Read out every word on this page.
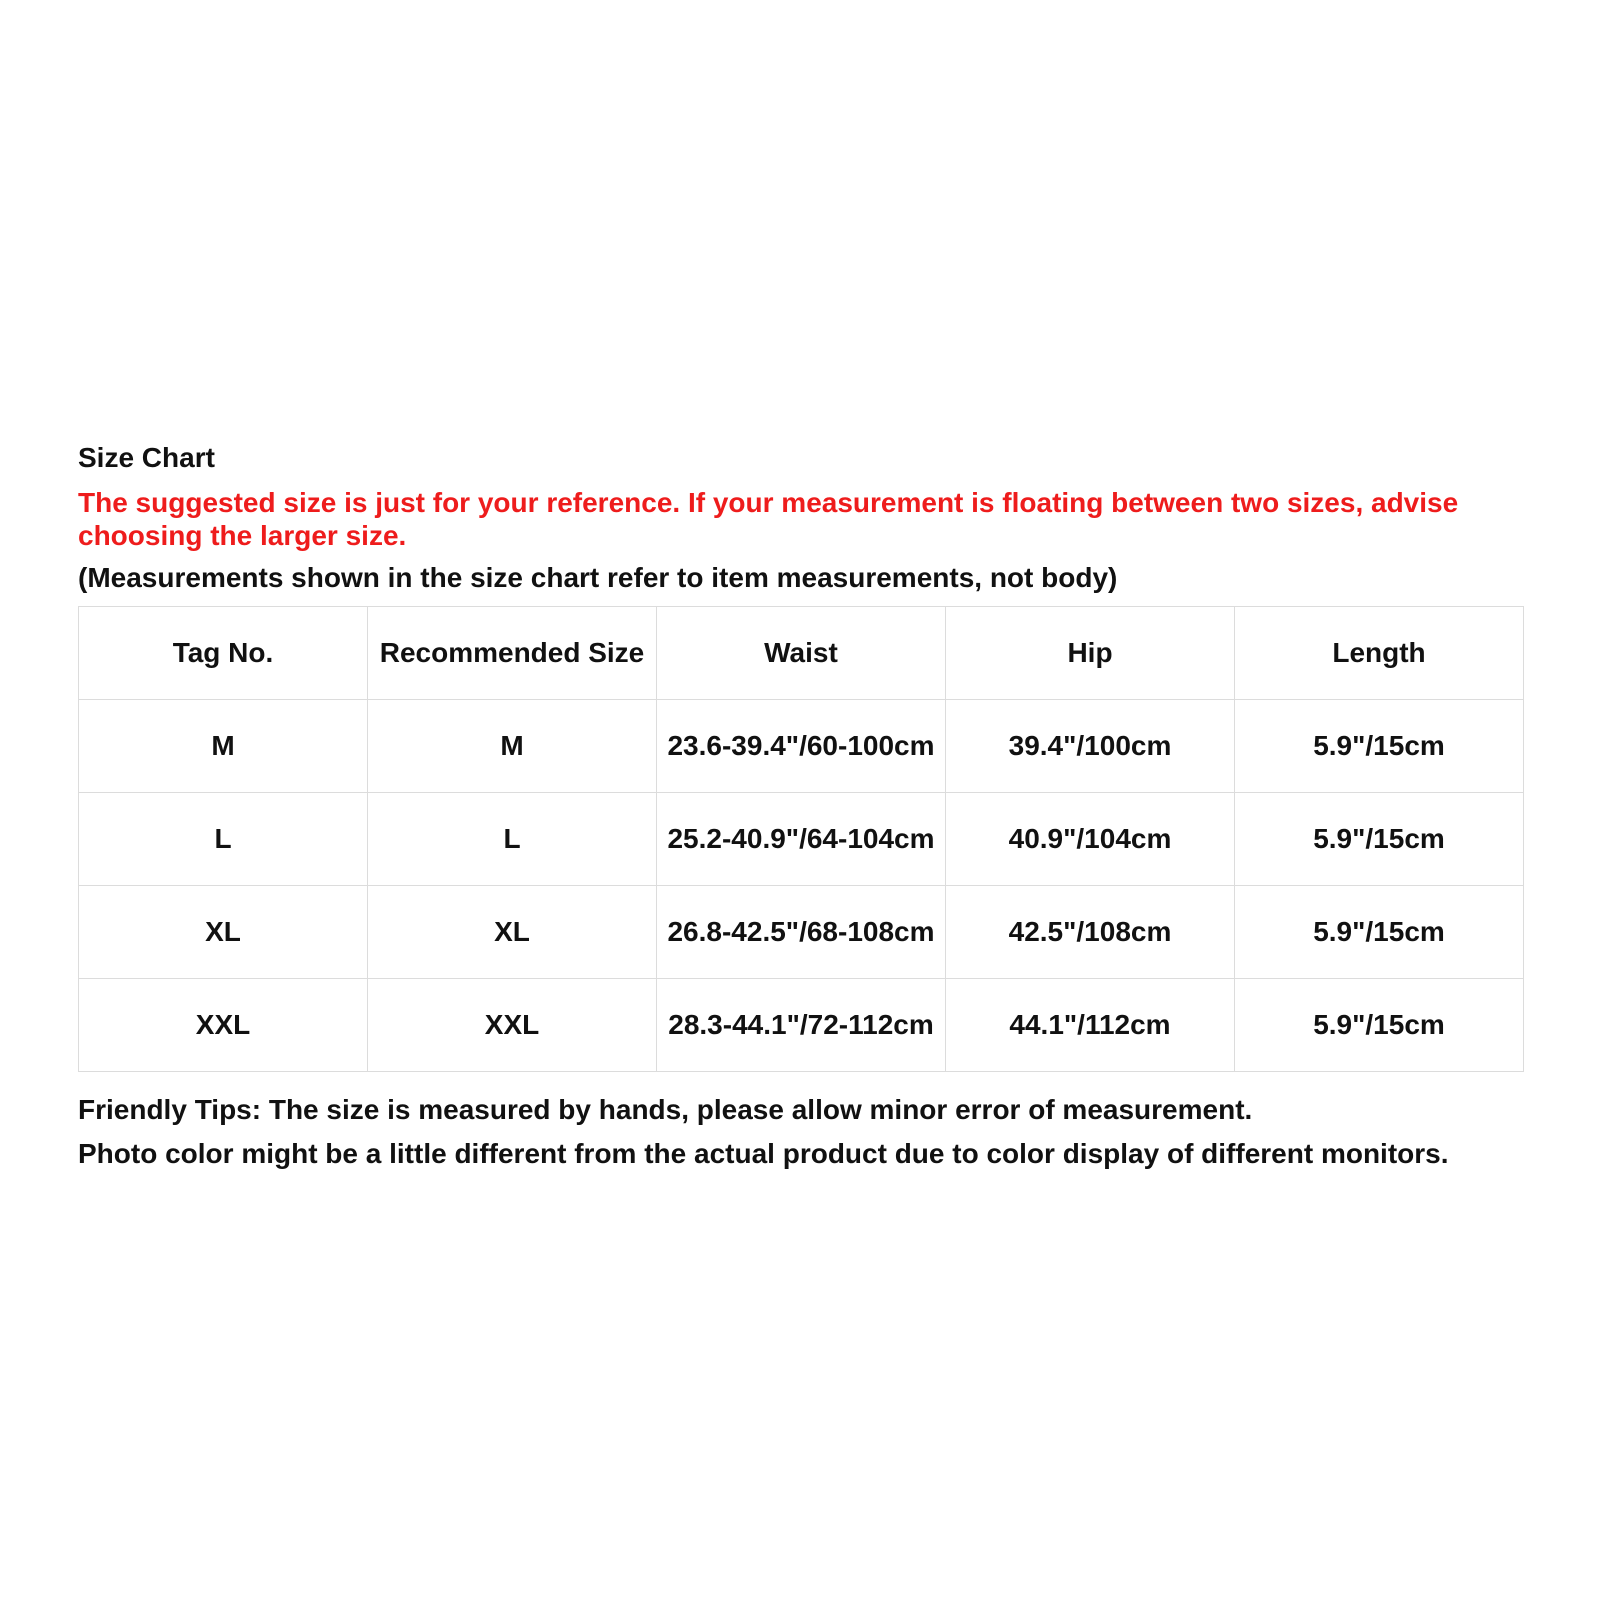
Size Chart
The suggested size is just for your reference. If your measurement is floating between two sizes, advise choosing the larger size.
(Measurements shown in the size chart refer to item measurements, not body)
Tag No.	Recommended Size	Waist	Hip	Length
M	M	23.6-39.4"/60-100cm	39.4"/100cm	5.9"/15cm
L	L	25.2-40.9"/64-104cm	40.9"/104cm	5.9"/15cm
XL	XL	26.8-42.5"/68-108cm	42.5"/108cm	5.9"/15cm
XXL	XXL	28.3-44.1"/72-112cm	44.1"/112cm	5.9"/15cm
Friendly Tips: The size is measured by hands, please allow minor error of measurement.
Photo color might be a little different from the actual product due to color display of different monitors.
